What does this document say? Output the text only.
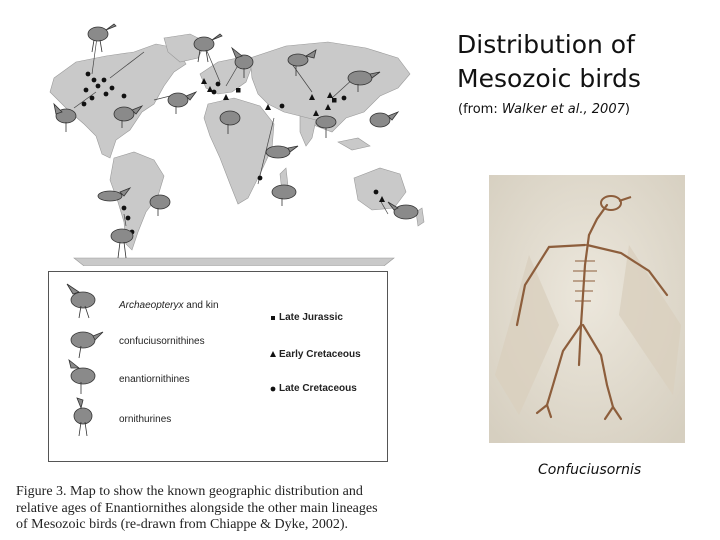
Distribution of
Mesozoic birds
(from: Walker et al., 2007)
Confuciusornis
Archaeopteryx and kin
confuciusornithines
enantiornithines
ornithurines
Late Jurassic
Early Cretaceous
Late Cretaceous
Figure 3. Map to show the known geographic distribution and
relative ages of Enantiornithes alongside the other main lineages
of Mesozoic birds (re-drawn from Chiappe & Dyke, 2002).
